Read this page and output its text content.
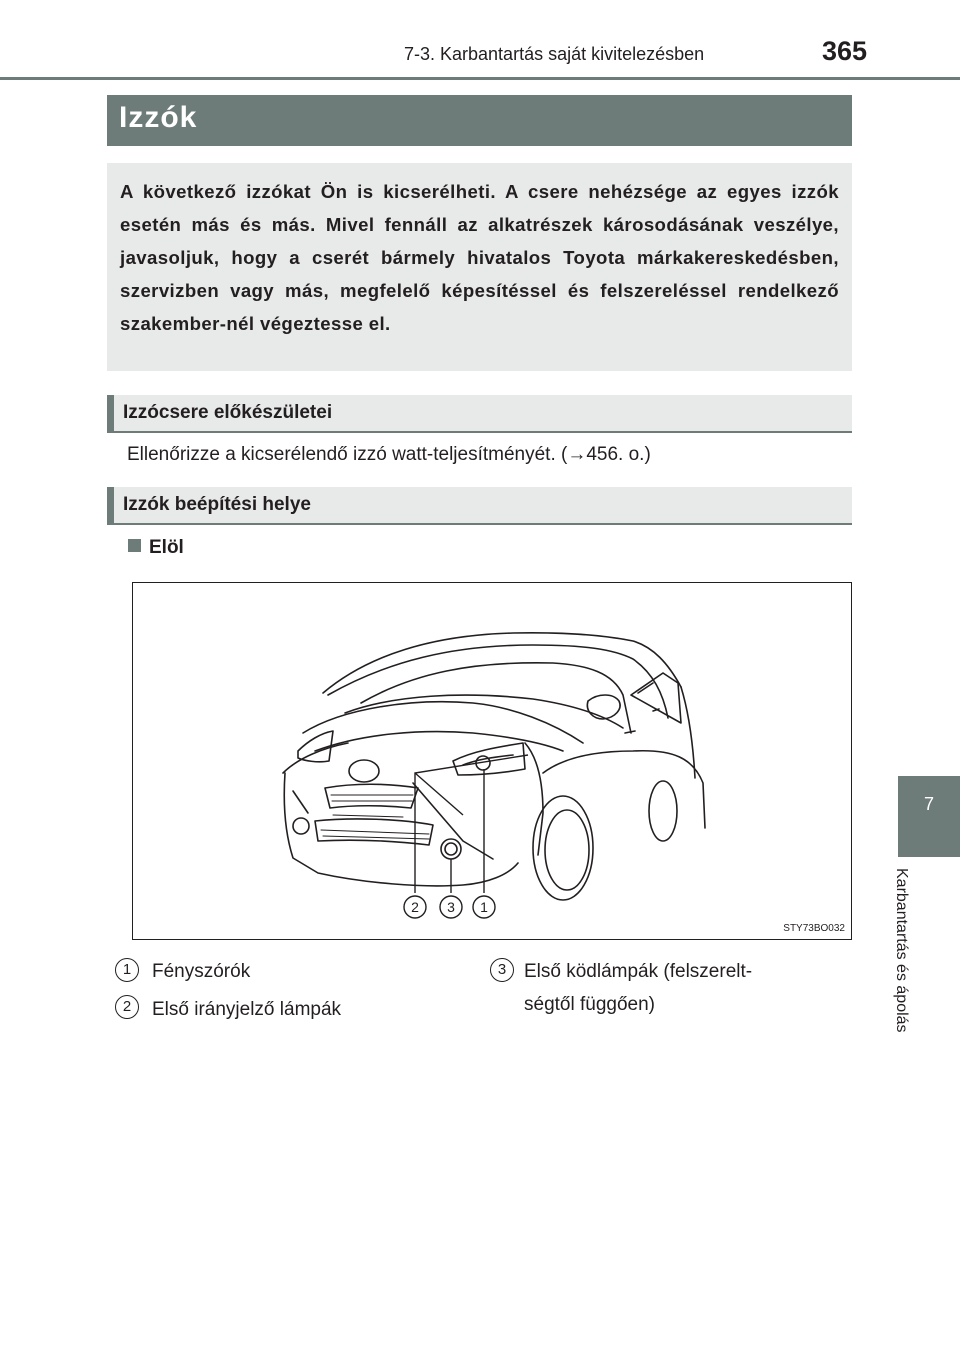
7-3. Karbantartás saját kivitelezésben	365
7
Karbantartás és ápolás
Izzók
A következő izzókat Ön is kicserélheti. A csere nehézsége az egyes izzók esetén más és más. Mivel fennáll az alkatrészek károsodásának veszélye, javasoljuk, hogy a cserét bármely hivatalos Toyota márkakereskedésben, szervizben vagy más, megfelelő képesítéssel és felszereléssel rendelkező szakember-nél végeztesse el.
Izzócsere előkészületei
Ellenőrizze a kicserélendő izzó watt-teljesítményét. (→456. o.)
Izzók beépítési helye
Elöl
2 3 1
STY73BO032
1	Fényszórók
2	Első irányjelző lámpák
3 Első ködlámpák (felszerelt-
ségtől függően)
